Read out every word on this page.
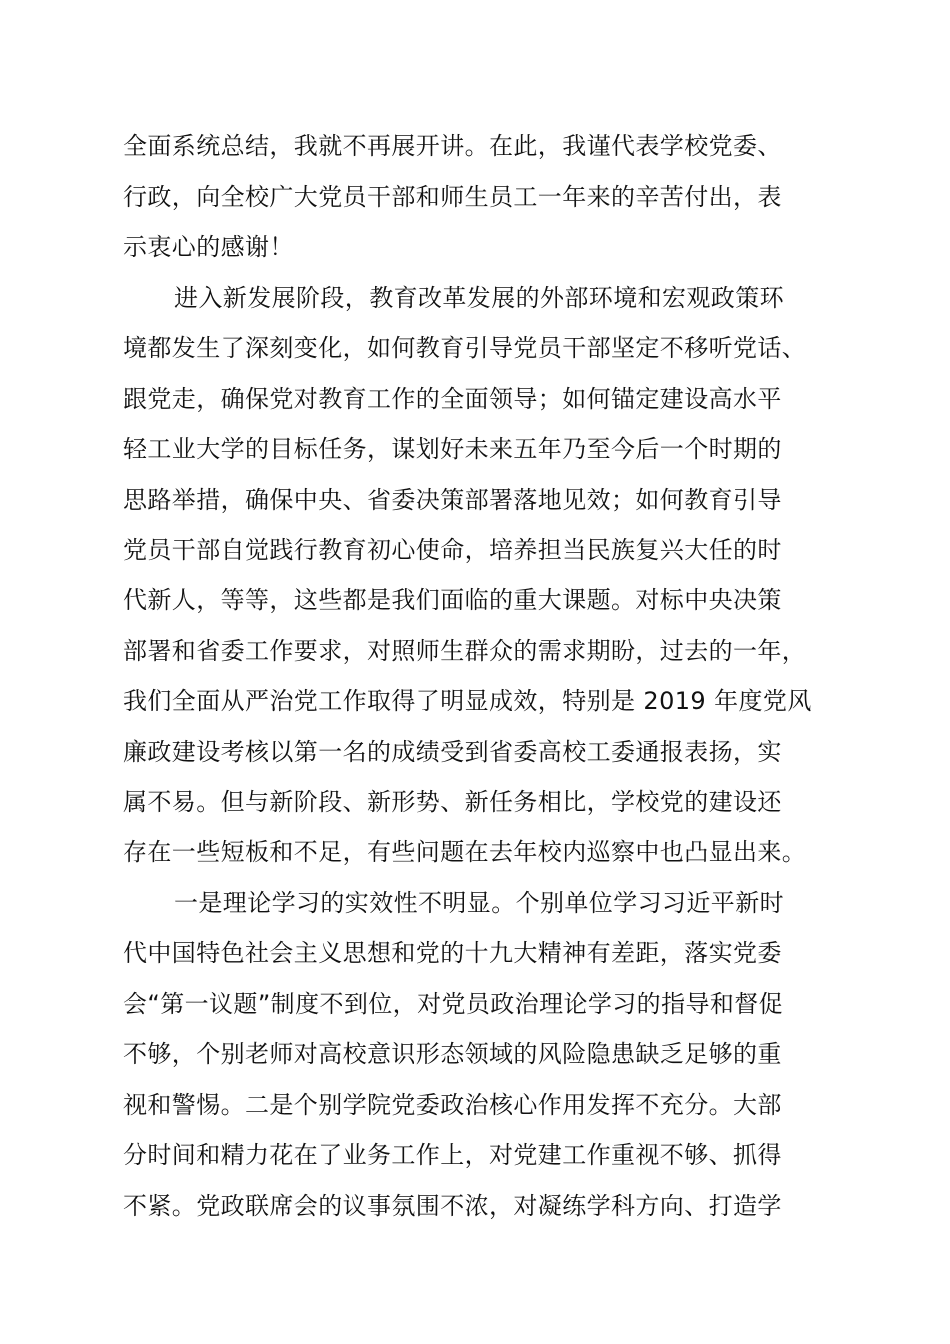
全面系统总结，我就不再展开讲。在此，我谨代表学校党委、
行政，向全校广大党员干部和师生员工一年来的辛苦付出，表
示衷心的感谢！
进入新发展阶段，教育改革发展的外部环境和宏观政策环
境都发生了深刻变化，如何教育引导党员干部坚定不移听党话、
跟党走，确保党对教育工作的全面领导；如何锚定建设高水平
轻工业大学的目标任务，谋划好未来五年乃至今后一个时期的
思路举措，确保中央、省委决策部署落地见效；如何教育引导
党员干部自觉践行教育初心使命，培养担当民族复兴大任的时
代新人，等等，这些都是我们面临的重大课题。对标中央决策
部署和省委工作要求，对照师生群众的需求期盼，过去的一年，
我们全面从严治党工作取得了明显成效，特别是 2019 年度党风
廉政建设考核以第一名的成绩受到省委高校工委通报表扬，实
属不易。但与新阶段、新形势、新任务相比，学校党的建设还
存在一些短板和不足，有些问题在去年校内巡察中也凸显出来。
一是理论学习的实效性不明显。个别单位学习习近平新时
代中国特色社会主义思想和党的十九大精神有差距，落实党委
会“第一议题”制度不到位，对党员政治理论学习的指导和督促
不够，个别老师对高校意识形态领域的风险隐患缺乏足够的重
视和警惕。二是个别学院党委政治核心作用发挥不充分。大部
分时间和精力花在了业务工作上，对党建工作重视不够、抓得
不紧。党政联席会的议事氛围不浓，对凝练学科方向、打造学
